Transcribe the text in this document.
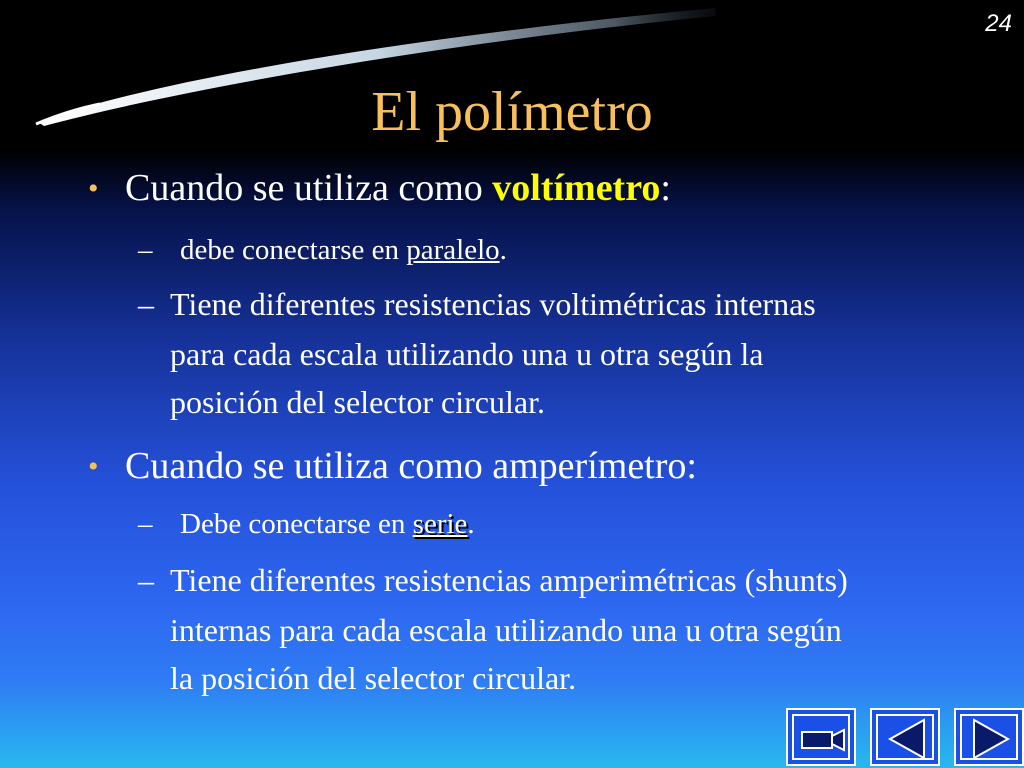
24
El polímetro
• Cuando se utiliza como voltímetro:
– debe conectarse en paralelo.
– Tiene diferentes resistencias voltimétricas internas
para cada escala utilizando una u otra según la
posición del selector circular.
• Cuando se utiliza como amperímetro:
– Debe conectarse en serie.
– Tiene diferentes resistencias amperimétricas (shunts)
internas para cada escala utilizando una u otra según
la posición del selector circular.
